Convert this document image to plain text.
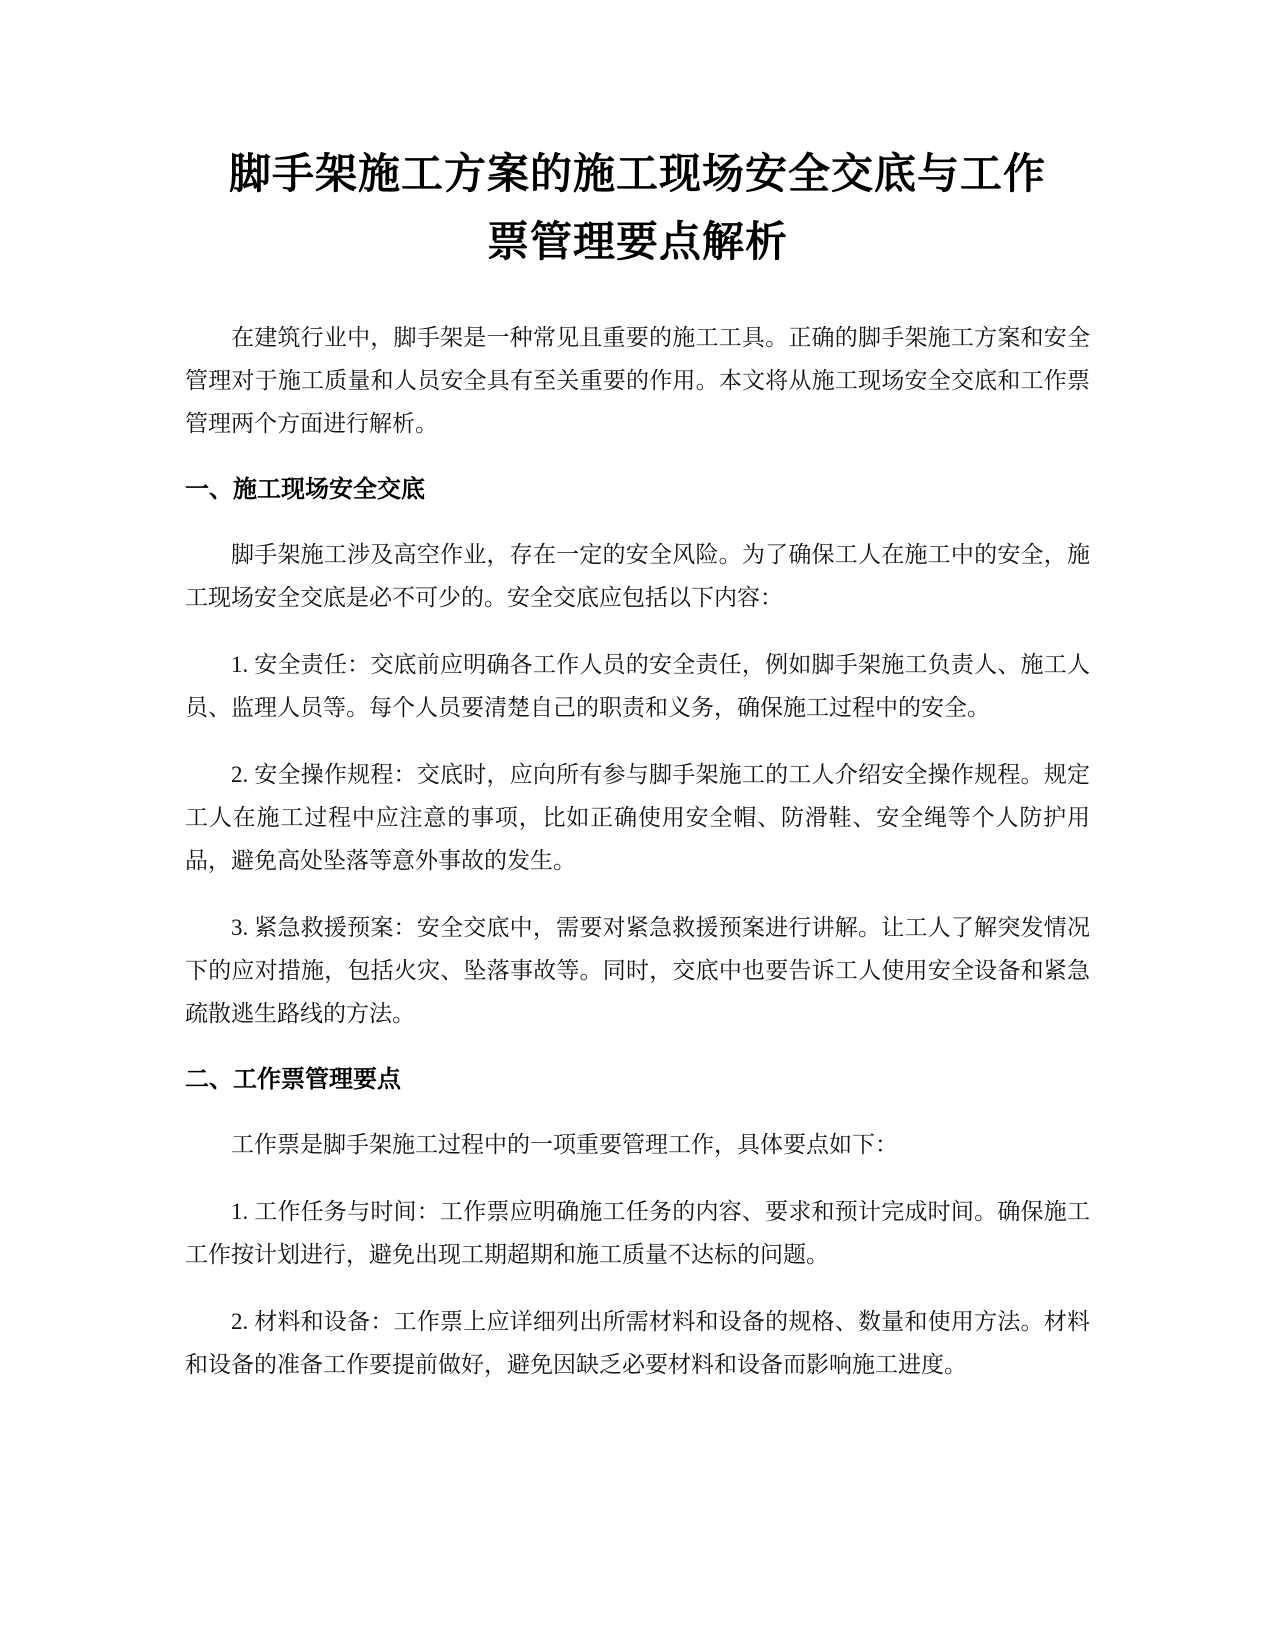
脚手架施工方案的施工现场安全交底与工作
票管理要点解析

在建筑行业中，脚手架是一种常见且重要的施工工具。正确的脚手架施工方案和安全管理对于施工质量和人员安全具有至关重要的作用。本文将从施工现场安全交底和工作票管理两个方面进行解析。

一、施工现场安全交底

脚手架施工涉及高空作业，存在一定的安全风险。为了确保工人在施工中的安全，施工现场安全交底是必不可少的。安全交底应包括以下内容：

1. 安全责任：交底前应明确各工作人员的安全责任，例如脚手架施工负责人、施工人员、监理人员等。每个人员要清楚自己的职责和义务，确保施工过程中的安全。

2. 安全操作规程：交底时，应向所有参与脚手架施工的工人介绍安全操作规程。规定工人在施工过程中应注意的事项，比如正确使用安全帽、防滑鞋、安全绳等个人防护用品，避免高处坠落等意外事故的发生。

3. 紧急救援预案：安全交底中，需要对紧急救援预案进行讲解。让工人了解突发情况下的应对措施，包括火灾、坠落事故等。同时，交底中也要告诉工人使用安全设备和紧急疏散逃生路线的方法。

二、工作票管理要点

工作票是脚手架施工过程中的一项重要管理工作，具体要点如下：

1. 工作任务与时间：工作票应明确施工任务的内容、要求和预计完成时间。确保施工工作按计划进行，避免出现工期超期和施工质量不达标的问题。

2. 材料和设备：工作票上应详细列出所需材料和设备的规格、数量和使用方法。材料和设备的准备工作要提前做好，避免因缺乏必要材料和设备而影响施工进度。
